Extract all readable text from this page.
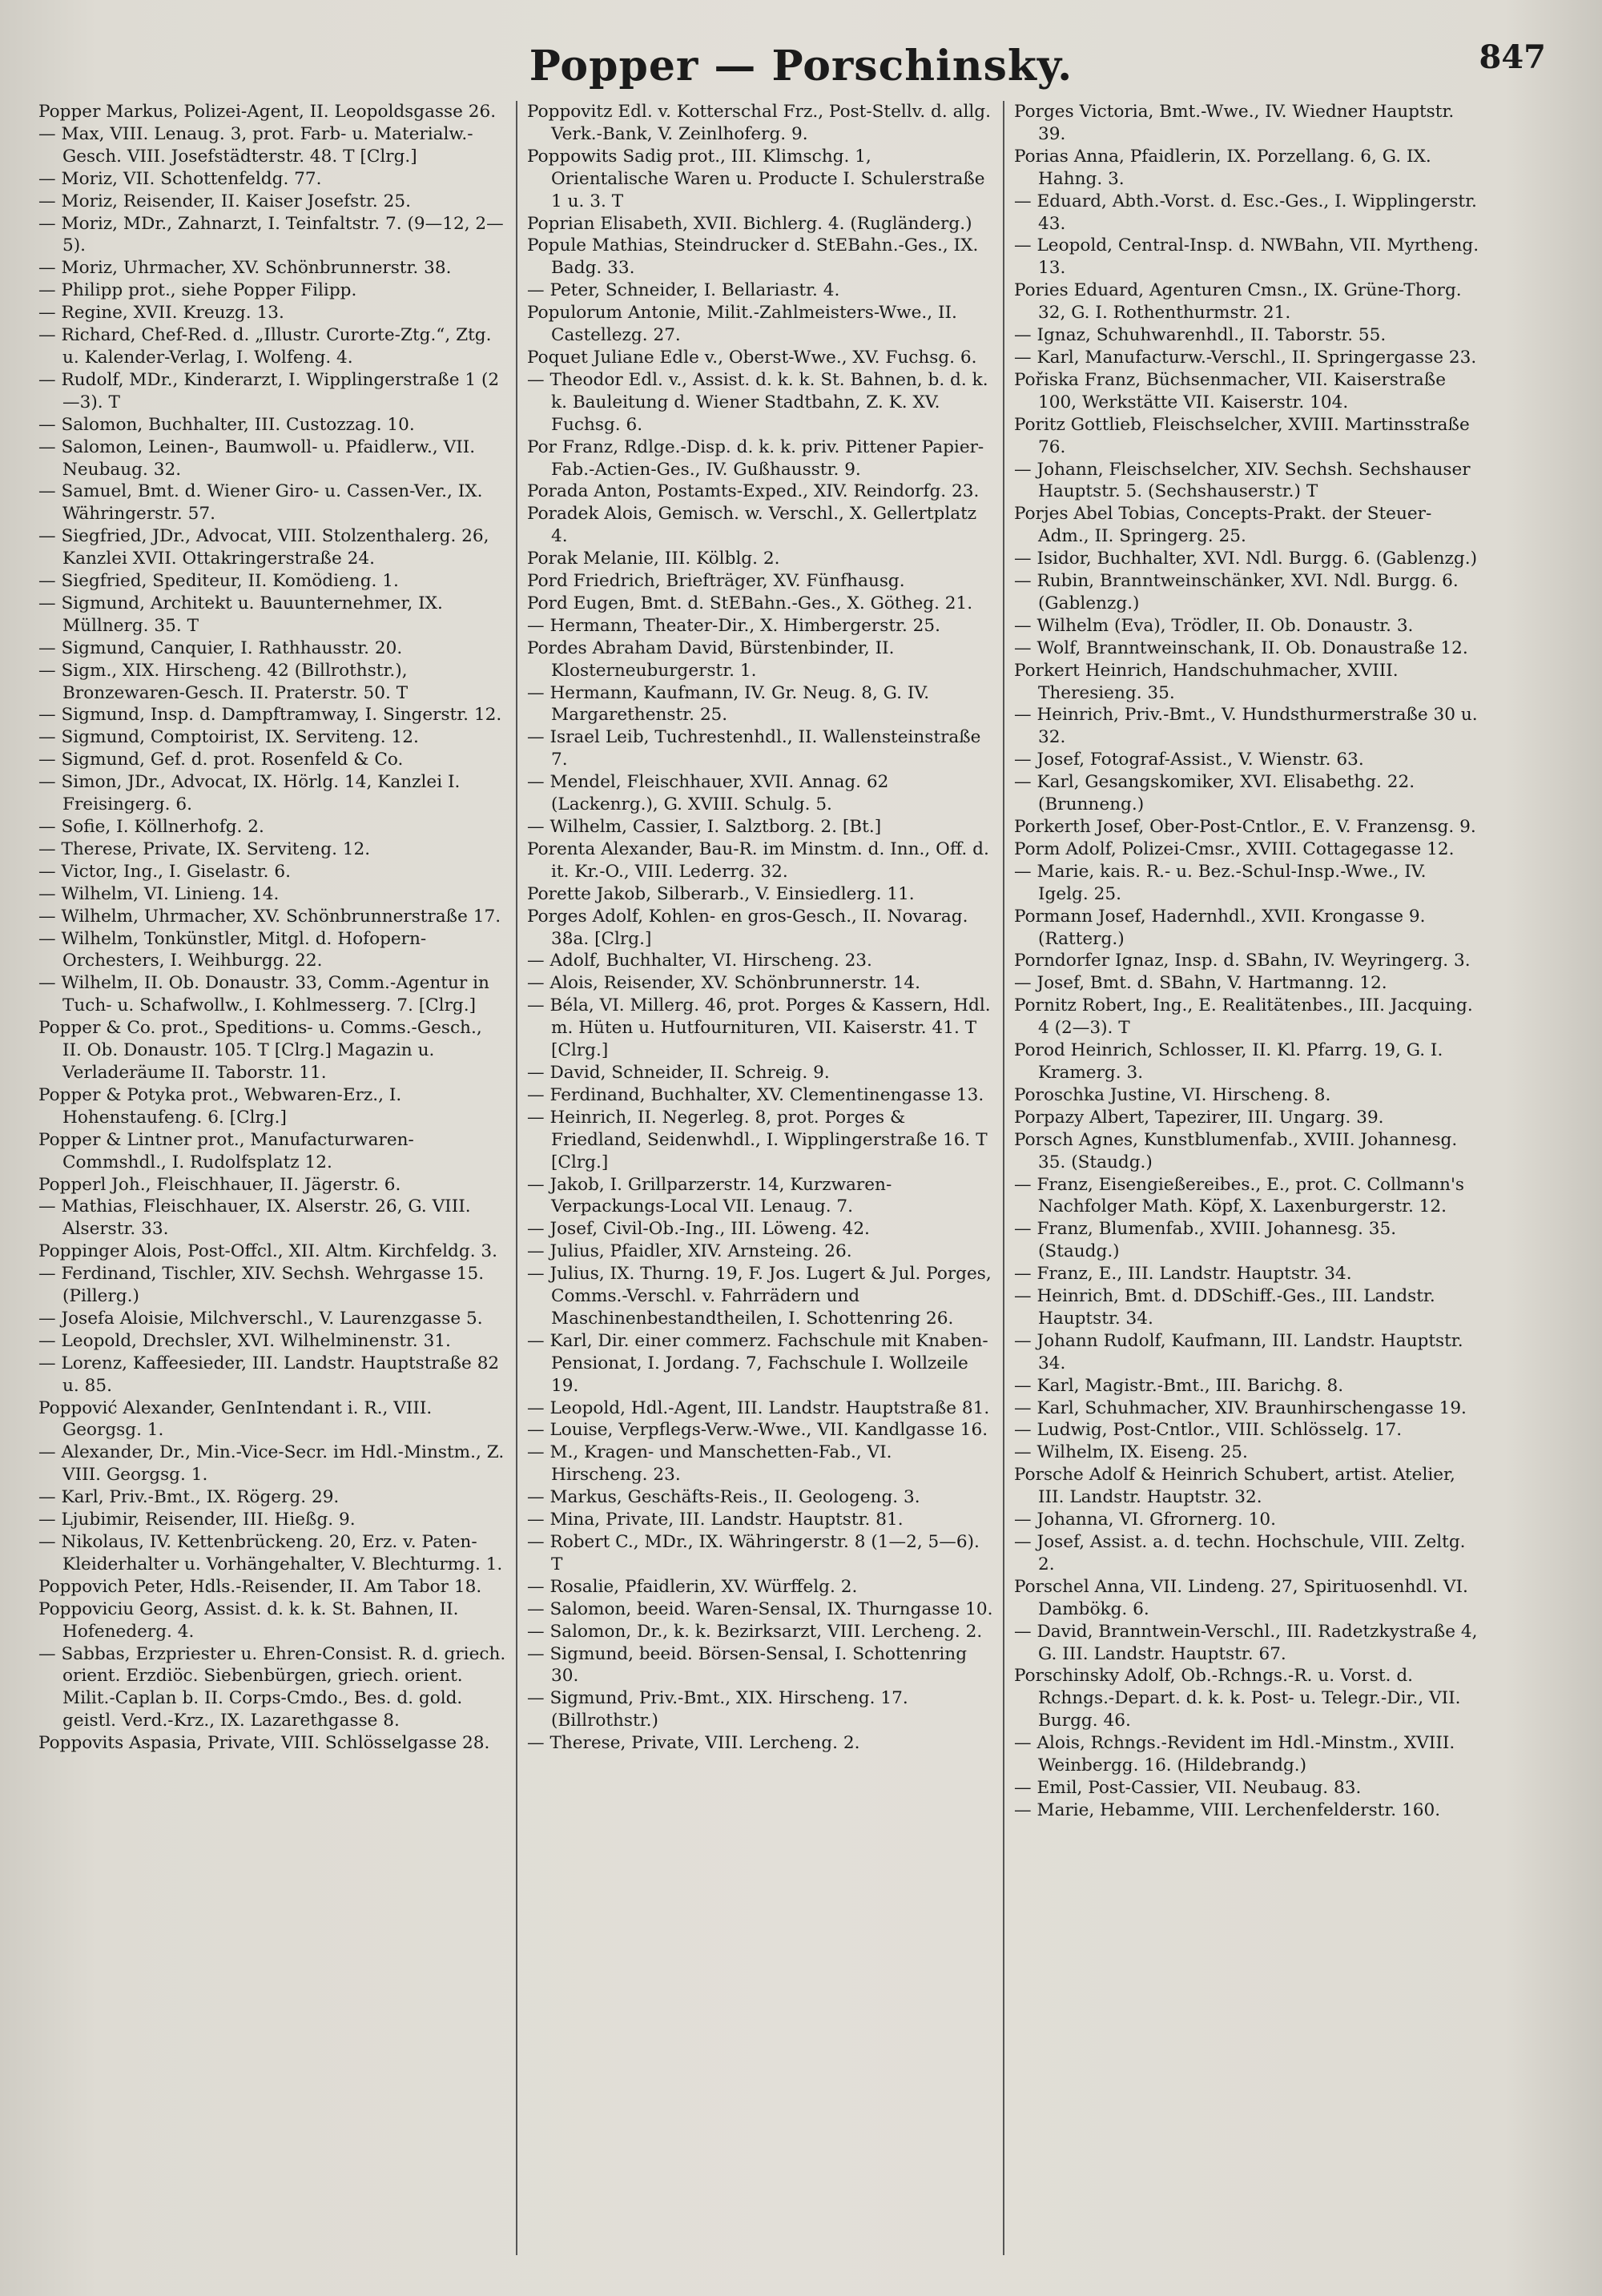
Popper — Porschinsky.	847

Popper Markus, Polizei-Agent, II. Leopoldsgasse 26.

— Max, VIII. Lenaug. 3, prot. Farb- u. Materialw.-Gesch. VIII. Josefstädterstr. 48. T [Clrg.]

— Moriz, VII. Schottenfeldg. 77.

— Moriz, Reisender, II. Kaiser Josefstr. 25.

— Moriz, MDr., Zahnarzt, I. Teinfaltstr. 7. (9—12, 2—5).

— Moriz, Uhrmacher, XV. Schönbrunnerstr. 38.

— Philipp prot., siehe Popper Filipp.

— Regine, XVII. Kreuzg. 13.

— Richard, Chef-Red. d. „Illustr. Curorte-Ztg.“, Ztg. u. Kalender-Verlag, I. Wolfeng. 4.

— Rudolf, MDr., Kinderarzt, I. Wipplingerstraße 1 (2—3). T

— Salomon, Buchhalter, III. Custozzag. 10.

— Salomon, Leinen-, Baumwoll- u. Pfaidlerw., VII. Neubaug. 32.

— Samuel, Bmt. d. Wiener Giro- u. Cassen-Ver., IX. Währingerstr. 57.

— Siegfried, JDr., Advocat, VIII. Stolzenthalerg. 26, Kanzlei XVII. Ottakringerstraße 24.

— Siegfried, Spediteur, II. Komödieng. 1.

— Sigmund, Architekt u. Bauunternehmer, IX. Müllnerg. 35. T

— Sigmund, Canquier, I. Rathhausstr. 20.

— Sigm., XIX. Hirscheng. 42 (Billrothstr.), Bronzewaren-Gesch. II. Praterstr. 50. T

— Sigmund, Insp. d. Dampftramway, I. Singerstr. 12.

— Sigmund, Comptoirist, IX. Serviteng. 12.

— Sigmund, Gef. d. prot. Rosenfeld & Co.

— Simon, JDr., Advocat, IX. Hörlg. 14, Kanzlei I. Freisingerg. 6.

— Sofie, I. Köllnerhofg. 2.

— Therese, Private, IX. Serviteng. 12.

— Victor, Ing., I. Giselastr. 6.

— Wilhelm, VI. Linieng. 14.

— Wilhelm, Uhrmacher, XV. Schönbrunnerstraße 17.

— Wilhelm, Tonkünstler, Mitgl. d. Hofopern-Orchesters, I. Weihburgg. 22.

— Wilhelm, II. Ob. Donaustr. 33, Comm.-Agentur in Tuch- u. Schafwollw., I. Kohlmesserg. 7. [Clrg.]

Popper & Co. prot., Speditions- u. Comms.-Gesch., II. Ob. Donaustr. 105. T [Clrg.] Magazin u. Verladeräume II. Taborstr. 11.

Popper & Potyka prot., Webwaren-Erz., I. Hohenstaufeng. 6. [Clrg.]

Popper & Lintner prot., Manufacturwaren-Commshdl., I. Rudolfsplatz 12.

Popperl Joh., Fleischhauer, II. Jägerstr. 6.

— Mathias, Fleischhauer, IX. Alserstr. 26, G. VIII. Alserstr. 33.

Poppinger Alois, Post-Offcl., XII. Altm. Kirchfeldg. 3.

— Ferdinand, Tischler, XIV. Sechsh. Wehrgasse 15. (Pillerg.)

— Josefa Aloisie, Milchverschl., V. Laurenzgasse 5.

— Leopold, Drechsler, XVI. Wilhelminenstr. 31.

— Lorenz, Kaffeesieder, III. Landstr. Hauptstraße 82 u. 85.

Poppović Alexander, GenIntendant i. R., VIII. Georgsg. 1.

— Alexander, Dr., Min.-Vice-Secr. im Hdl.-Minstm., Z. VIII. Georgsg. 1.

— Karl, Priv.-Bmt., IX. Rögerg. 29.

— Ljubimir, Reisender, III. Hießg. 9.

— Nikolaus, IV. Kettenbrückeng. 20, Erz. v. Paten-Kleiderhalter u. Vorhängehalter, V. Blechturmg. 1.

Poppovich Peter, Hdls.-Reisender, II. Am Tabor 18.

Poppoviciu Georg, Assist. d. k. k. St. Bahnen, II. Hofenederg. 4.

— Sabbas, Erzpriester u. Ehren-Consist. R. d. griech. orient. Erzdiöc. Siebenbürgen, griech. orient. Milit.-Caplan b. II. Corps-Cmdo., Bes. d. gold. geistl. Verd.-Krz., IX. Lazarethgasse 8.

Poppovits Aspasia, Private, VIII. Schlösselgasse 28.

Poppovitz Edl. v. Kotterschal Frz., Post-Stellv. d. allg. Verk.-Bank, V. Zeinlhoferg. 9.

Poppowits Sadig prot., III. Klimschg. 1, Orientalische Waren u. Producte I. Schulerstraße 1 u. 3. T

Poprian Elisabeth, XVII. Bichlerg. 4. (Rugländerg.)

Popule Mathias, Steindrucker d. StEBahn.-Ges., IX. Badg. 33.

— Peter, Schneider, I. Bellariastr. 4.

Populorum Antonie, Milit.-Zahlmeisters-Wwe., II. Castellezg. 27.

Poquet Juliane Edle v., Oberst-Wwe., XV. Fuchsg. 6.

— Theodor Edl. v., Assist. d. k. k. St. Bahnen, b. d. k. k. Bauleitung d. Wiener Stadtbahn, Z. K. XV. Fuchsg. 6.

Por Franz, Rdlge.-Disp. d. k. k. priv. Pittener Papier-Fab.-Actien-Ges., IV. Gußhausstr. 9.

Porada Anton, Postamts-Exped., XIV. Reindorfg. 23.

Poradek Alois, Gemisch. w. Verschl., X. Gellertplatz 4.

Porak Melanie, III. Kölblg. 2.

Pord Friedrich, Briefträger, XV. Fünfhausg.

Pord Eugen, Bmt. d. StEBahn.-Ges., X. Götheg. 21.

— Hermann, Theater-Dir., X. Himbergerstr. 25.

Pordes Abraham David, Bürstenbinder, II. Klosterneuburgerstr. 1.

— Hermann, Kaufmann, IV. Gr. Neug. 8, G. IV. Margarethenstr. 25.

— Israel Leib, Tuchrestenhdl., II. Wallensteinstraße 7.

— Mendel, Fleischhauer, XVII. Annag. 62 (Lackenrg.), G. XVIII. Schulg. 5.

— Wilhelm, Cassier, I. Salztborg. 2. [Bt.]

Porenta Alexander, Bau-R. im Minstm. d. Inn., Off. d. it. Kr.-O., VIII. Lederrg. 32.

Porette Jakob, Silberarb., V. Einsiedlerg. 11.

Porges Adolf, Kohlen- en gros-Gesch., II. Novarag. 38a. [Clrg.]

— Adolf, Buchhalter, VI. Hirscheng. 23.

— Alois, Reisender, XV. Schönbrunnerstr. 14.

— Béla, VI. Millerg. 46, prot. Porges & Kassern, Hdl. m. Hüten u. Hutfournituren, VII. Kaiserstr. 41. T [Clrg.]

— David, Schneider, II. Schreig. 9.

— Ferdinand, Buchhalter, XV. Clementinengasse 13.

— Heinrich, II. Negerleg. 8, prot. Porges & Friedland, Seidenwhdl., I. Wipplingerstraße 16. T [Clrg.]

— Jakob, I. Grillparzerstr. 14, Kurzwaren-Verpackungs-Local VII. Lenaug. 7.

— Josef, Civil-Ob.-Ing., III. Löweng. 42.

— Julius, Pfaidler, XIV. Arnsteing. 26.

— Julius, IX. Thurng. 19, F. Jos. Lugert & Jul. Porges, Comms.-Verschl. v. Fahrrädern und Maschinenbestandtheilen, I. Schottenring 26.

— Karl, Dir. einer commerz. Fachschule mit Knaben-Pensionat, I. Jordang. 7, Fachschule I. Wollzeile 19.

— Leopold, Hdl.-Agent, III. Landstr. Hauptstraße 81.

— Louise, Verpflegs-Verw.-Wwe., VII. Kandlgasse 16.

— M., Kragen- und Manschetten-Fab., VI. Hirscheng. 23.

— Markus, Geschäfts-Reis., II. Geologeng. 3.

— Mina, Private, III. Landstr. Hauptstr. 81.

— Robert C., MDr., IX. Währingerstr. 8 (1—2, 5—6). T

— Rosalie, Pfaidlerin, XV. Würffelg. 2.

— Salomon, beeid. Waren-Sensal, IX. Thurngasse 10.

— Salomon, Dr., k. k. Bezirksarzt, VIII. Lercheng. 2.

— Sigmund, beeid. Börsen-Sensal, I. Schottenring 30.

— Sigmund, Priv.-Bmt., XIX. Hirscheng. 17. (Billrothstr.)

— Therese, Private, VIII. Lercheng. 2.

Porges Victoria, Bmt.-Wwe., IV. Wiedner Hauptstr. 39.

Porias Anna, Pfaidlerin, IX. Porzellang. 6, G. IX. Hahng. 3.

— Eduard, Abth.-Vorst. d. Esc.-Ges., I. Wipplingerstr. 43.

— Leopold, Central-Insp. d. NWBahn, VII. Myrtheng. 13.

Pories Eduard, Agenturen Cmsn., IX. Grüne-Thorg. 32, G. I. Rothenthurmstr. 21.

— Ignaz, Schuhwarenhdl., II. Taborstr. 55.

— Karl, Manufacturw.-Verschl., II. Springergasse 23.

Pořiska Franz, Büchsenmacher, VII. Kaiserstraße 100, Werkstätte VII. Kaiserstr. 104.

Poritz Gottlieb, Fleischselcher, XVIII. Martinsstraße 76.

— Johann, Fleischselcher, XIV. Sechsh. Sechshauser Hauptstr. 5. (Sechshauserstr.) T

Porjes Abel Tobias, Concepts-Prakt. der Steuer-Adm., II. Springerg. 25.

— Isidor, Buchhalter, XVI. Ndl. Burgg. 6. (Gablenzg.)

— Rubin, Branntweinschänker, XVI. Ndl. Burgg. 6. (Gablenzg.)

— Wilhelm (Eva), Trödler, II. Ob. Donaustr. 3.

— Wolf, Branntweinschank, II. Ob. Donaustraße 12.

Porkert Heinrich, Handschuhmacher, XVIII. Theresieng. 35.

— Heinrich, Priv.-Bmt., V. Hundsthurmerstraße 30 u. 32.

— Josef, Fotograf-Assist., V. Wienstr. 63.

— Karl, Gesangskomiker, XVI. Elisabethg. 22. (Brunneng.)

Porkerth Josef, Ober-Post-Cntlor., E. V. Franzensg. 9.

Porm Adolf, Polizei-Cmsr., XVIII. Cottagegasse 12.

— Marie, kais. R.- u. Bez.-Schul-Insp.-Wwe., IV. Igelg. 25.

Pormann Josef, Hadernhdl., XVII. Krongasse 9. (Ratterg.)

Porndorfer Ignaz, Insp. d. SBahn, IV. Weyringerg. 3.

— Josef, Bmt. d. SBahn, V. Hartmanng. 12.

Pornitz Robert, Ing., E. Realitätenbes., III. Jacquing. 4 (2—3). T

Porod Heinrich, Schlosser, II. Kl. Pfarrg. 19, G. I. Kramerg. 3.

Poroschka Justine, VI. Hirscheng. 8.

Porpazy Albert, Tapezirer, III. Ungarg. 39.

Porsch Agnes, Kunstblumenfab., XVIII. Johannesg. 35. (Staudg.)

— Franz, Eisengießereibes., E., prot. C. Collmann's Nachfolger Math. Köpf, X. Laxenburgerstr. 12.

— Franz, Blumenfab., XVIII. Johannesg. 35. (Staudg.)

— Franz, E., III. Landstr. Hauptstr. 34.

— Heinrich, Bmt. d. DDSchiff.-Ges., III. Landstr. Hauptstr. 34.

— Johann Rudolf, Kaufmann, III. Landstr. Hauptstr. 34.

— Karl, Magistr.-Bmt., III. Barichg. 8.

— Karl, Schuhmacher, XIV. Braunhirschengasse 19.

— Ludwig, Post-Cntlor., VIII. Schlösselg. 17.

— Wilhelm, IX. Eiseng. 25.

Porsche Adolf & Heinrich Schubert, artist. Atelier, III. Landstr. Hauptstr. 32.

— Johanna, VI. Gfrornerg. 10.

— Josef, Assist. a. d. techn. Hochschule, VIII. Zeltg. 2.

Porschel Anna, VII. Lindeng. 27, Spirituosenhdl. VI. Dambökg. 6.

— David, Branntwein-Verschl., III. Radetzkystraße 4, G. III. Landstr. Hauptstr. 67.

Porschinsky Adolf, Ob.-Rchngs.-R. u. Vorst. d. Rchngs.-Depart. d. k. k. Post- u. Telegr.-Dir., VII. Burgg. 46.

— Alois, Rchngs.-Revident im Hdl.-Minstm., XVIII. Weinbergg. 16. (Hildebrandg.)

— Emil, Post-Cassier, VII. Neubaug. 83.

— Marie, Hebamme, VIII. Lerchenfelderstr. 160.
